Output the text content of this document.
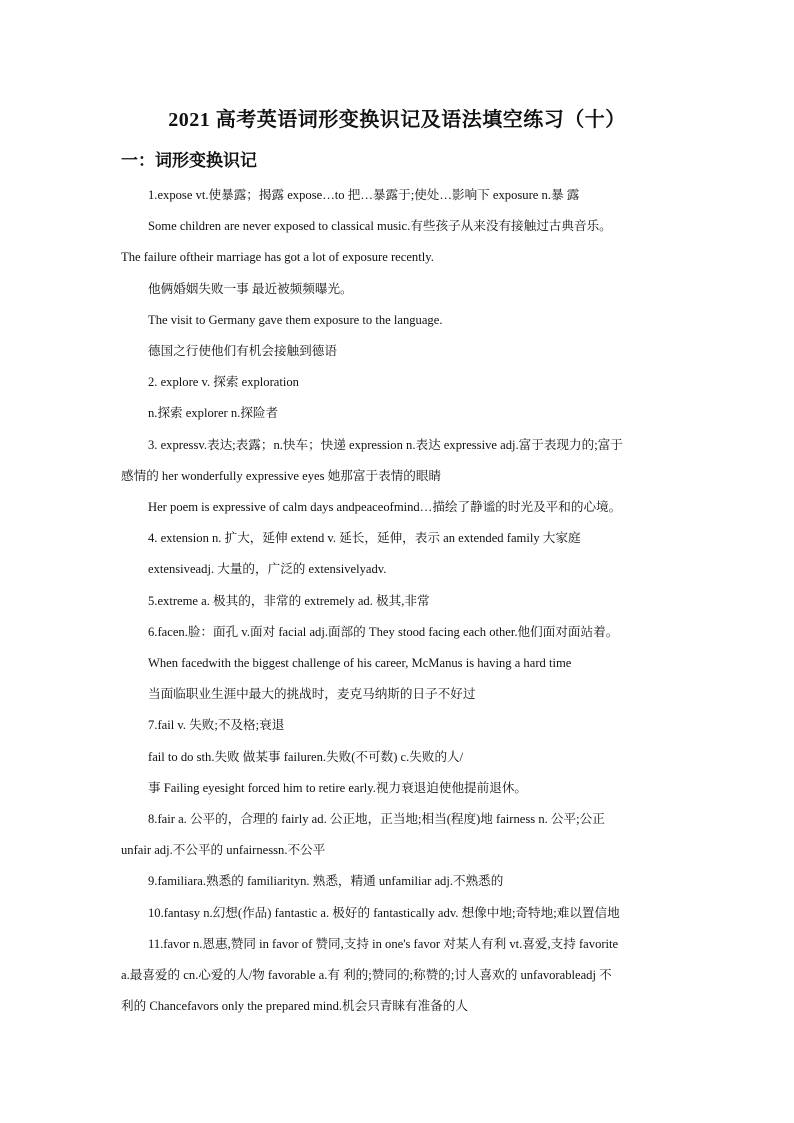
2021 高考英语词形变换识记及语法填空练习（十）
一：词形变换识记
1.expose vt.使暴露；揭露 expose…to 把…暴露于;使处…影响下 exposure n.暴 露
Some children are never exposed to classical music.有些孩子从来没有接触过古典音乐。
The failure oftheir marriage has got a lot of exposure recently.
他俩婚姻失败一事 最近被频频曝光。
The visit to Germany gave them exposure to the language.
德国之行使他们有机会接触到德语
2. explore v. 探索 exploration
n.探索 explorer n.探险者
3. expressv.表达;表露；n.快车；快递 expression n.表达 expressive adj.富于表现力的;富于
感情的 her wonderfully expressive eyes 她那富于表情的眼睛
Her poem is expressive of calm days andpeaceofmind…描绘了静谧的时光及平和的心境。
4. extension n. 扩大，延伸 extend v. 延长，延伸，表示 an extended family 大家庭
extensiveadj. 大量的，广泛的 extensivelyadv.
5.extreme a. 极其的，非常的 extremely ad. 极其,非常
6.facen.脸：面孔 v.面对 facial adj.面部的 They stood facing each other.他们面对面站着。
When facedwith the biggest challenge of his career, McManus is having a hard time
当面临职业生涯中最大的挑战时，麦克马纳斯的日子不好过
7.fail v. 失败;不及格;衰退
fail to do sth.失败 做某事 failuren.失败(不可数) c.失败的人/
事 Failing eyesight forced him to retire early.视力衰退迫使他提前退休。
8.fair a. 公平的，合理的 fairly ad. 公正地，正当地;相当(程度)地 fairness n. 公平;公正
unfair adj.不公平的 unfairnessn.不公平
9.familiara.熟悉的 familiarityn. 熟悉，精通 unfamiliar adj.不熟悉的
10.fantasy n.幻想(作品) fantastic a. 极好的 fantastically adv. 想像中地;奇特地;难以置信地
11.favor n.恩惠,赞同 in favor of 赞同,支持 in one's favor 对某人有利 vt.喜爱,支持 favorite
a.最喜爱的 cn.心爱的人/物 favorable a.有 利的;赞同的;称赞的;讨人喜欢的 unfavorableadj 不
利的 Chancefavors only the prepared mind.机会只青睐有准备的人
